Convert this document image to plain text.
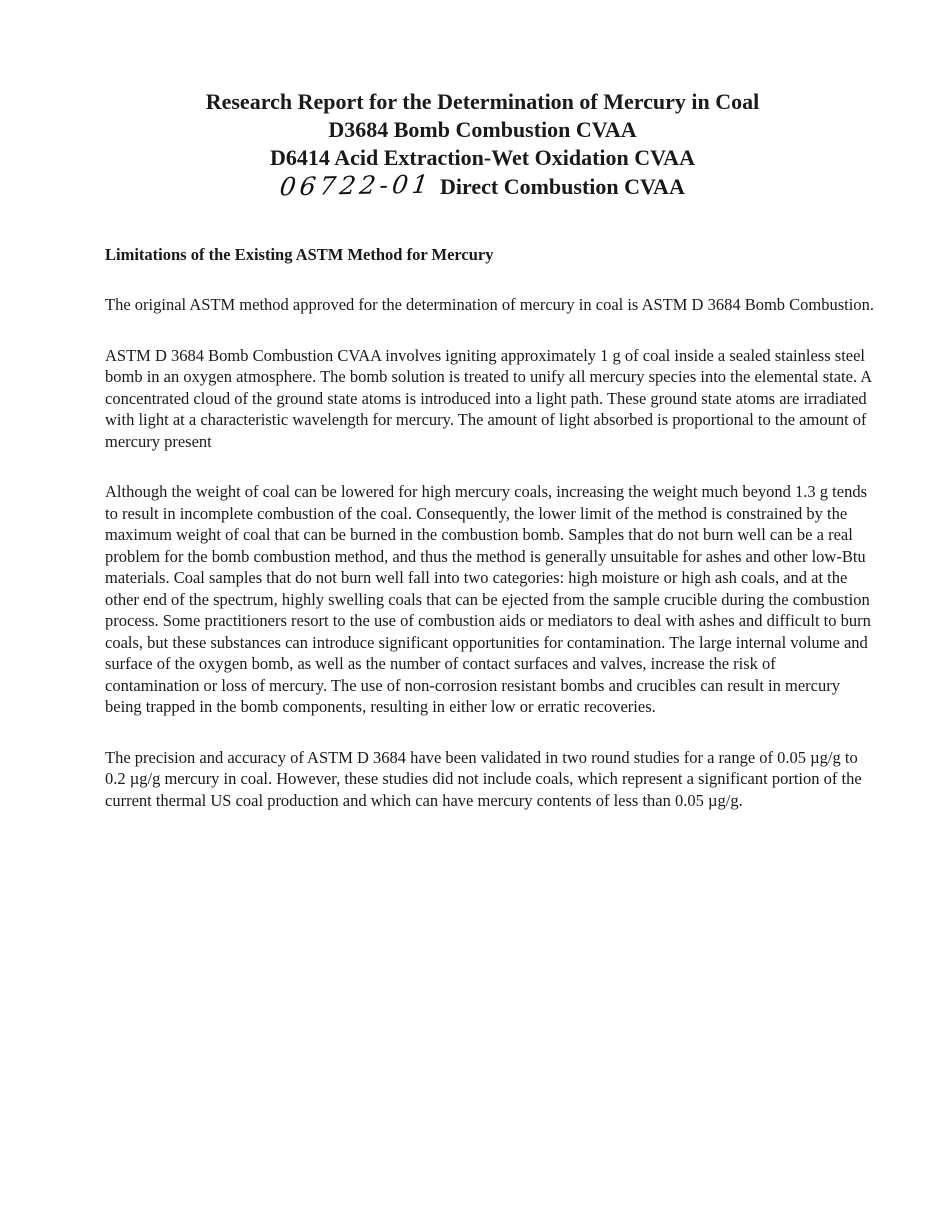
Research Report for the Determination of Mercury in Coal
D3684 Bomb Combustion CVAA
D6414 Acid Extraction-Wet Oxidation CVAA
06722-01 Direct Combustion CVAA
Limitations of the Existing ASTM Method for Mercury

The original ASTM method approved for the determination of mercury in coal is ASTM D 3684 Bomb Combustion.

ASTM D 3684 Bomb Combustion CVAA involves igniting approximately 1 g of coal inside a sealed stainless steel bomb in an oxygen atmosphere. The bomb solution is treated to unify all mercury species into the elemental state. A concentrated cloud of the ground state atoms is introduced into a light path. These ground state atoms are irradiated with light at a characteristic wavelength for mercury. The amount of light absorbed is proportional to the amount of mercury present

Although the weight of coal can be lowered for high mercury coals, increasing the weight much beyond 1.3 g tends to result in incomplete combustion of the coal. Consequently, the lower limit of the method is constrained by the maximum weight of coal that can be burned in the combustion bomb. Samples that do not burn well can be a real problem for the bomb combustion method, and thus the method is generally unsuitable for ashes and other low-Btu materials. Coal samples that do not burn well fall into two categories: high moisture or high ash coals, and at the other end of the spectrum, highly swelling coals that can be ejected from the sample crucible during the combustion process. Some practitioners resort to the use of combustion aids or mediators to deal with ashes and difficult to burn coals, but these substances can introduce significant opportunities for contamination. The large internal volume and surface of the oxygen bomb, as well as the number of contact surfaces and valves, increase the risk of contamination or loss of mercury. The use of non-corrosion resistant bombs and crucibles can result in mercury being trapped in the bomb components, resulting in either low or erratic recoveries.

The precision and accuracy of ASTM D 3684 have been validated in two round studies for a range of 0.05 µg/g to 0.2 µg/g mercury in coal. However, these studies did not include coals, which represent a significant portion of the current thermal US coal production and which can have mercury contents of less than 0.05 µg/g.
